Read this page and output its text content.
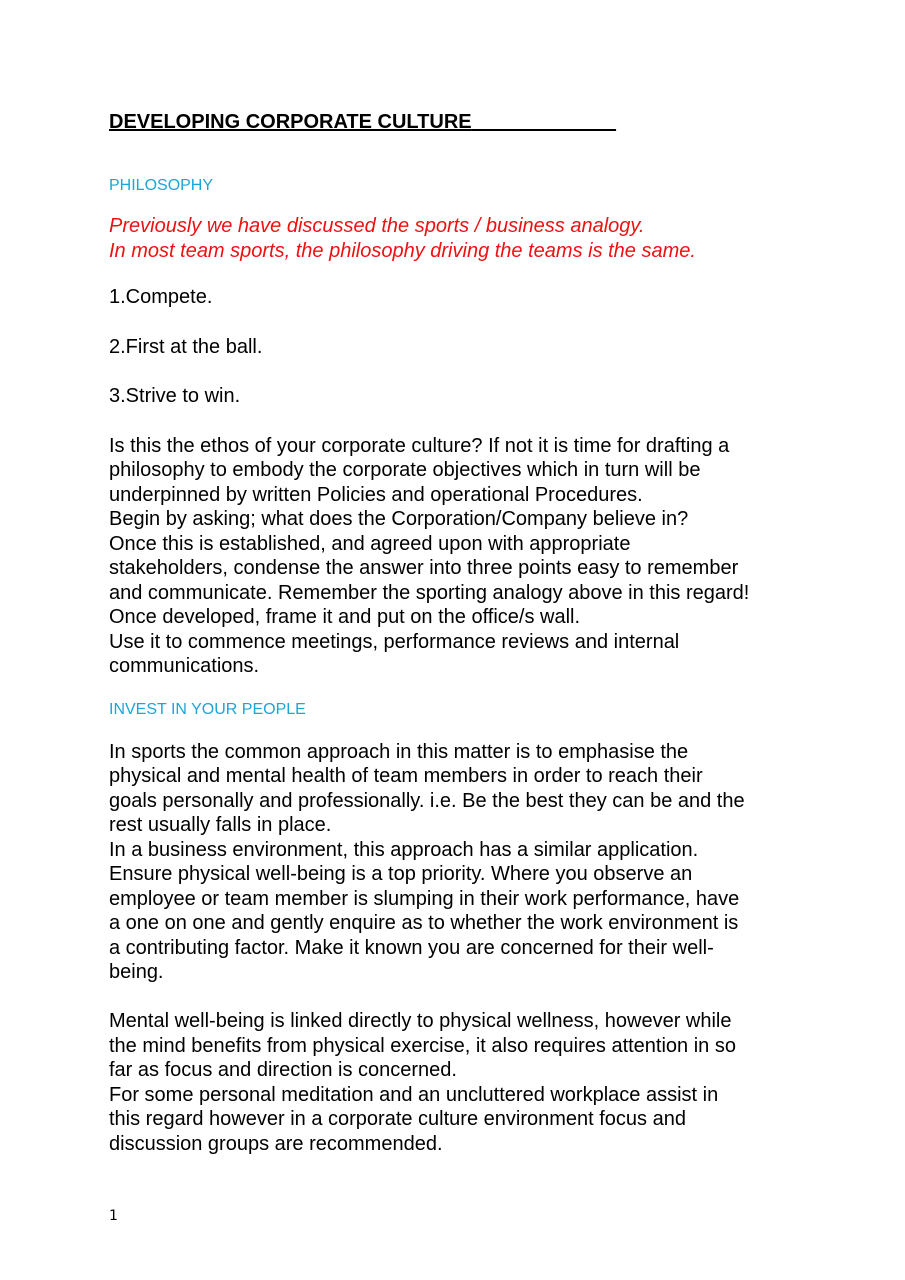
DEVELOPING CORPORATE CULTURE

PHILOSOPHY

Previously we have discussed the sports / business analogy.
In most team sports, the philosophy driving the teams is the same.

1.Compete.

2.First at the ball.

3.Strive to win.

Is this the ethos of your corporate culture? If not it is time for drafting a
philosophy to embody the corporate objectives which in turn will be
underpinned by written Policies and operational Procedures.
Begin by asking; what does the Corporation/Company believe in?
Once this is established, and agreed upon with appropriate
stakeholders, condense the answer into three points easy to remember
and communicate. Remember the sporting analogy above in this regard!
Once developed, frame it and put on the office/s wall.
Use it to commence meetings, performance reviews and internal
communications.

INVEST IN YOUR PEOPLE

In sports the common approach in this matter is to emphasise the
physical and mental health of team members in order to reach their
goals personally and professionally. i.e. Be the best they can be and the
rest usually falls in place.
In a business environment, this approach has a similar application.
Ensure physical well-being is a top priority. Where you observe an
employee or team member is slumping in their work performance, have
a one on one and gently enquire as to whether the work environment is
a contributing factor. Make it known you are concerned for their well-
being.

Mental well-being is linked directly to physical wellness, however while
the mind benefits from physical exercise, it also requires attention in so
far as focus and direction is concerned.
For some personal meditation and an uncluttered workplace assist in
this regard however in a corporate culture environment focus and
discussion groups are recommended.

1
